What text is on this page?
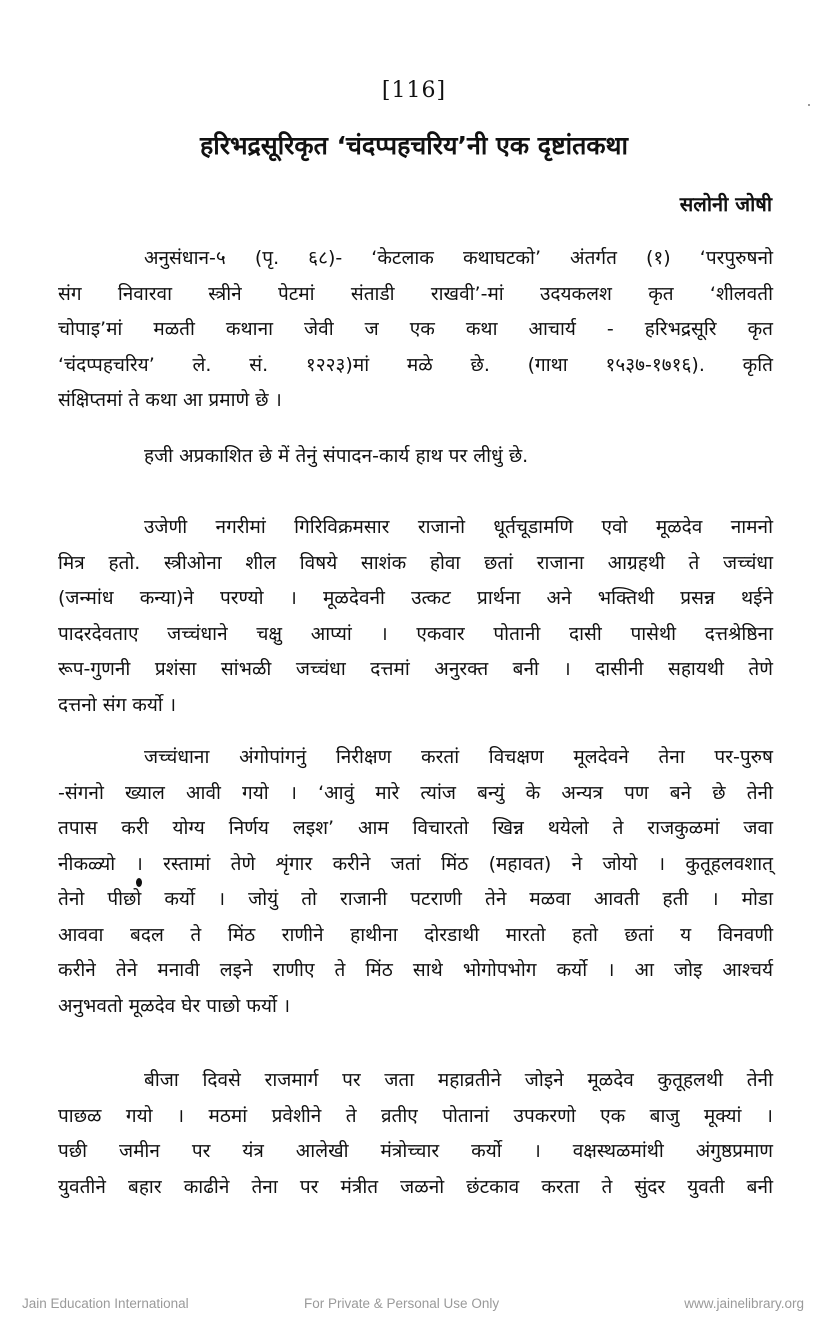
[116]
हरिभद्रसूरिकृत ‘चंदप्पहचरिय’नी एक दृष्टांतकथा
सलोनी जोषी
अनुसंधान-५ (पृ. ६८)- ‘केटलाक कथाघटको’ अंतर्गत (१) ‘परपुरुषनो
संग निवारवा स्त्रीने पेटमां संताडी राखवी’-मां उदयकलश कृत ‘शीलवती
चोपाइ’मां मळती कथाना जेवी ज एक कथा आचार्य - हरिभद्रसूरि कृत
‘चंदप्पहचरिय’ ले. सं. १२२३)मां मळे छे. (गाथा १५३७-१७१६). कृति
संक्षिप्तमां ते कथा आ प्रमाणे छे ।
हजी अप्रकाशित छे में तेनुं संपादन-कार्य हाथ पर लीधुं छे.
उजेणी नगरीमां गिरिविक्रमसार राजानो धूर्तचूडामणि एवो मूळदेव नामनो
मित्र हतो. स्त्रीओना शील विषये साशंक होवा छतां राजाना आग्रहथी ते जच्चंधा
(जन्मांध कन्या)ने परण्यो । मूळदेवनी उत्कट प्रार्थना अने भक्तिथी प्रसन्न थईने
पादरदेवताए जच्चंधाने चक्षु आप्यां । एकवार पोतानी दासी पासेथी दत्तश्रेष्ठिना
रूप-गुणनी प्रशंसा सांभळी जच्चंधा दत्तमां अनुरक्त बनी । दासीनी सहायथी तेणे
दत्तनो संग कर्यो ।
जच्चंधाना अंगोपांगनुं निरीक्षण करतां विचक्षण मूलदेवने तेना पर-पुरुष
-संगनो ख्याल आवी गयो । ‘आवुं मारे त्यांज बन्युं के अन्यत्र पण बने छे तेनी
तपास करी योग्य निर्णय लइश’ आम विचारतो खिन्न थयेलो ते राजकुळमां जवा
नीकळ्यो । रस्तामां तेणे शृंगार करीने जतां मिंठ (महावत) ने जोयो । कुतूहलवशात्
तेनो पीछो कर्यो । जोयुं तो राजानी पटराणी तेने मळवा आवती हती । मोडा
आववा बदल ते मिंठ राणीने हाथीना दोरडाथी मारतो हतो छतां य विनवणी
करीने तेने मनावी लइने राणीए ते मिंठ साथे भोगोपभोग कर्यो । आ जोइ आश्चर्य
अनुभवतो मूळदेव घेर पाछो फर्यो ।
बीजा दिवसे राजमार्ग पर जता महाव्रतीने जोइने मूळदेव कुतूहलथी तेनी
पाछळ गयो । मठमां प्रवेशीने ते व्रतीए पोतानां उपकरणो एक बाजु मूक्यां ।
पछी जमीन पर यंत्र आलेखी मंत्रोच्चार कर्यो । वक्षस्थळमांथी अंगुष्ठप्रमाण
युवतीने बहार काढीने तेना पर मंत्रीत जळनो छंटकाव करता ते सुंदर युवती बनी
Jain Education International	For Private & Personal Use Only	www.jainelibrary.org
